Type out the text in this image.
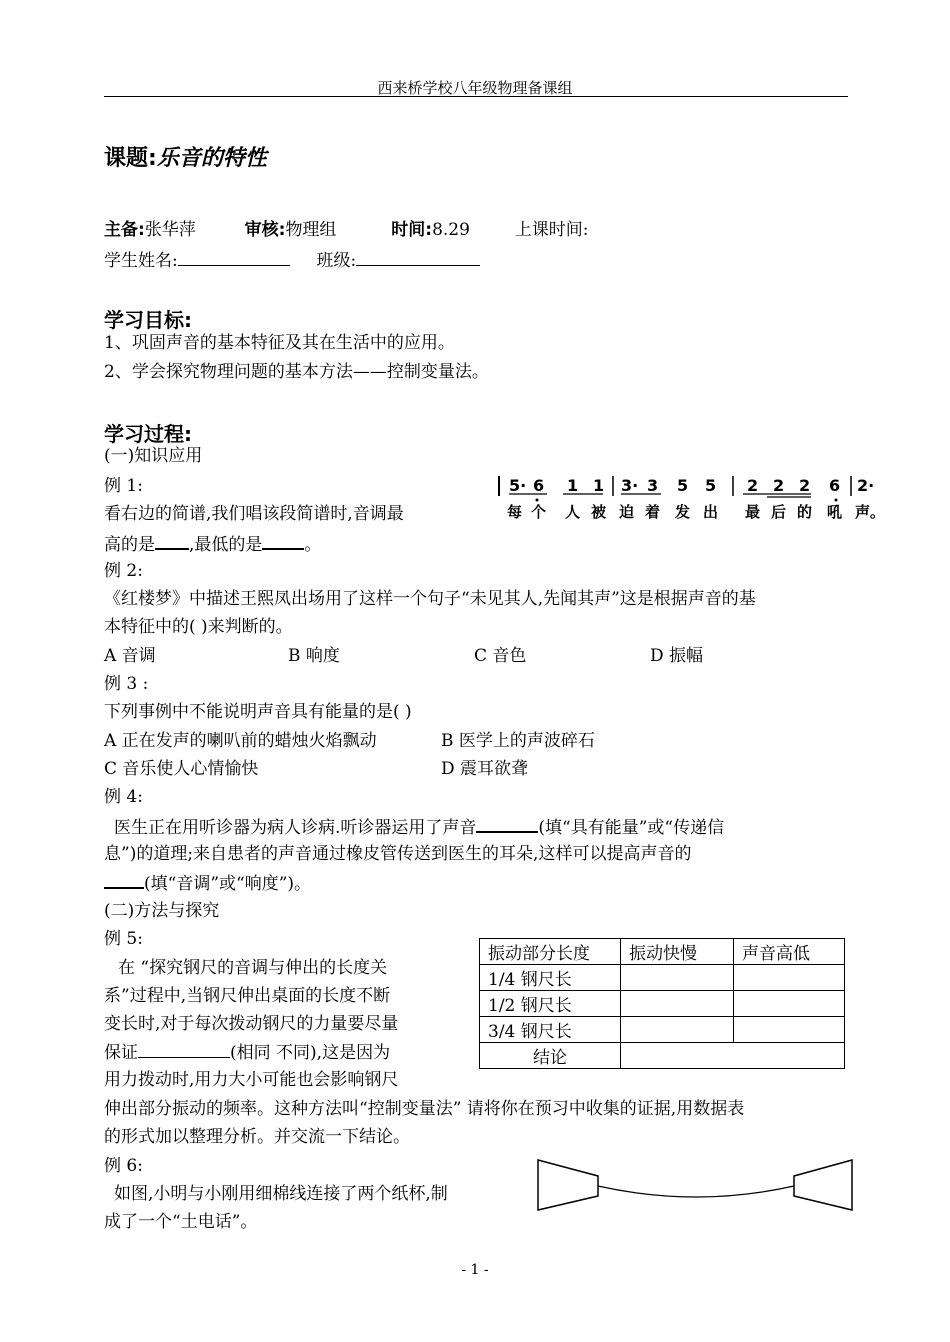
西来桥学校八年级物理备课组
课题:乐音的特性
主备:张华萍	审核:物理组	时间:8.29	上课时间:
学生姓名:	班级:
学习目标:
1、巩固声音的基本特征及其在生活中的应用。
2、学会探究物理问题的基本方法——控制变量法。
学习过程:
(一)知识应用
例 1:
看右边的简谱,我们唱该段简谱时,音调最
高的是 ,最低的是 。
5· 6 1 1 3· 3 5 5 2 2 2 6 2·
每 个 人 被 迫 着 发 出 最 后 的 吼 声。
例 2:
《红楼梦》中描述王熙凤出场用了这样一个句子“未见其人,先闻其声”这是根据声音的基
本特征中的( )来判断的。
A 音调	B 响度	C 音色	D 振幅
例 3 :
下列事例中不能说明声音具有能量的是( )
A 正在发声的喇叭前的蜡烛火焰飘动	B 医学上的声波碎石
C 音乐使人心情愉快	D 震耳欲聋
例 4:
医生正在用听诊器为病人诊病.听诊器运用了声音	(填“具有能量”或“传递信
息”)的道理;来自患者的声音通过橡皮管传送到医生的耳朵,这样可以提高声音的
(填“音调”或“响度”)。
(二)方法与探究
例 5:
在 “探究钢尺的音调与伸出的长度关
系”过程中,当钢尺伸出桌面的长度不断
变长时,对于每次拨动钢尺的力量要尽量
保证	(相同 不同),这是因为
用力拨动时,用力大小可能也会影响钢尺
伸出部分振动的频率。这种方法叫“控制变量法” 请将你在预习中收集的证据,用数据表
的形式加以整理分析。并交流一下结论。
振动部分长度	振动快慢	声音高低
1/4 钢尺长		
1/2 钢尺长		
3/4 钢尺长		
结论		
例 6:
如图,小明与小刚用细棉线连接了两个纸杯,制
成了一个“土电话”。
- 1 -
